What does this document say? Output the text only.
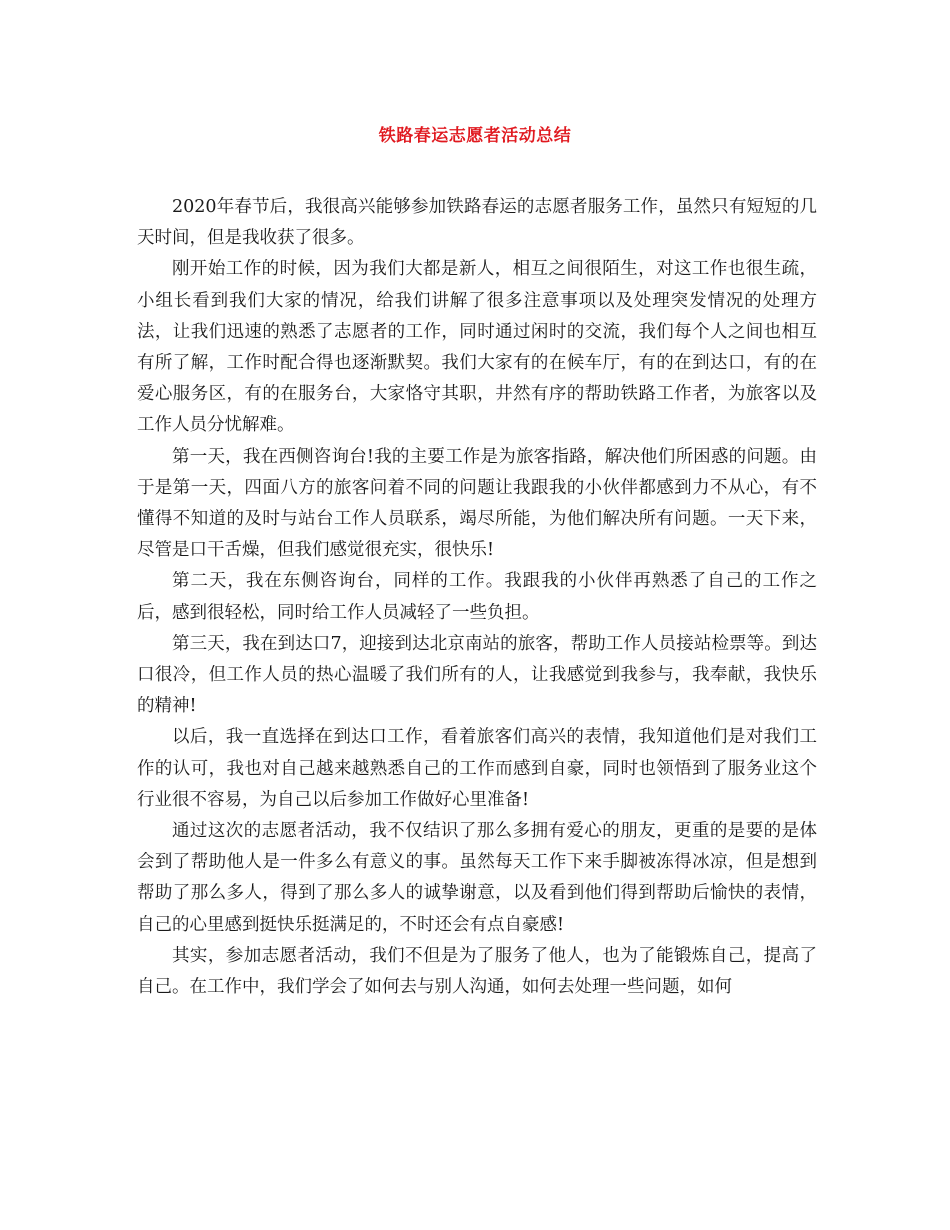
铁路春运志愿者活动总结

2020年春节后，我很高兴能够参加铁路春运的志愿者服务工作，虽然只有短短的几天时间，但是我收获了很多。

刚开始工作的时候，因为我们大都是新人，相互之间很陌生，对这工作也很生疏，小组长看到我们大家的情况，给我们讲解了很多注意事项以及处理突发情况的处理方法，让我们迅速的熟悉了志愿者的工作，同时通过闲时的交流，我们每个人之间也相互有所了解，工作时配合得也逐渐默契。我们大家有的在候车厅，有的在到达口，有的在爱心服务区，有的在服务台，大家恪守其职，井然有序的帮助铁路工作者，为旅客以及工作人员分忧解难。

第一天，我在西侧咨询台!我的主要工作是为旅客指路，解决他们所困惑的问题。由于是第一天，四面八方的旅客问着不同的问题让我跟我的小伙伴都感到力不从心，有不懂得不知道的及时与站台工作人员联系，竭尽所能，为他们解决所有问题。一天下来，尽管是口干舌燥，但我们感觉很充实，很快乐!

第二天，我在东侧咨询台，同样的工作。我跟我的小伙伴再熟悉了自己的工作之后，感到很轻松，同时给工作人员减轻了一些负担。

第三天，我在到达口7，迎接到达北京南站的旅客，帮助工作人员接站检票等。到达口很冷，但工作人员的热心温暖了我们所有的人，让我感觉到我参与，我奉献，我快乐的精神!

以后，我一直选择在到达口工作，看着旅客们高兴的表情，我知道他们是对我们工作的认可，我也对自己越来越熟悉自己的工作而感到自豪，同时也领悟到了服务业这个行业很不容易，为自己以后参加工作做好心里准备!

通过这次的志愿者活动，我不仅结识了那么多拥有爱心的朋友，更重的是要的是体会到了帮助他人是一件多么有意义的事。虽然每天工作下来手脚被冻得冰凉，但是想到帮助了那么多人，得到了那么多人的诚挚谢意，以及看到他们得到帮助后愉快的表情，自己的心里感到挺快乐挺满足的，不时还会有点自豪感!

其实，参加志愿者活动，我们不但是为了服务了他人，也为了能锻炼自己，提高了自己。在工作中，我们学会了如何去与别人沟通，如何去处理一些问题，如何
